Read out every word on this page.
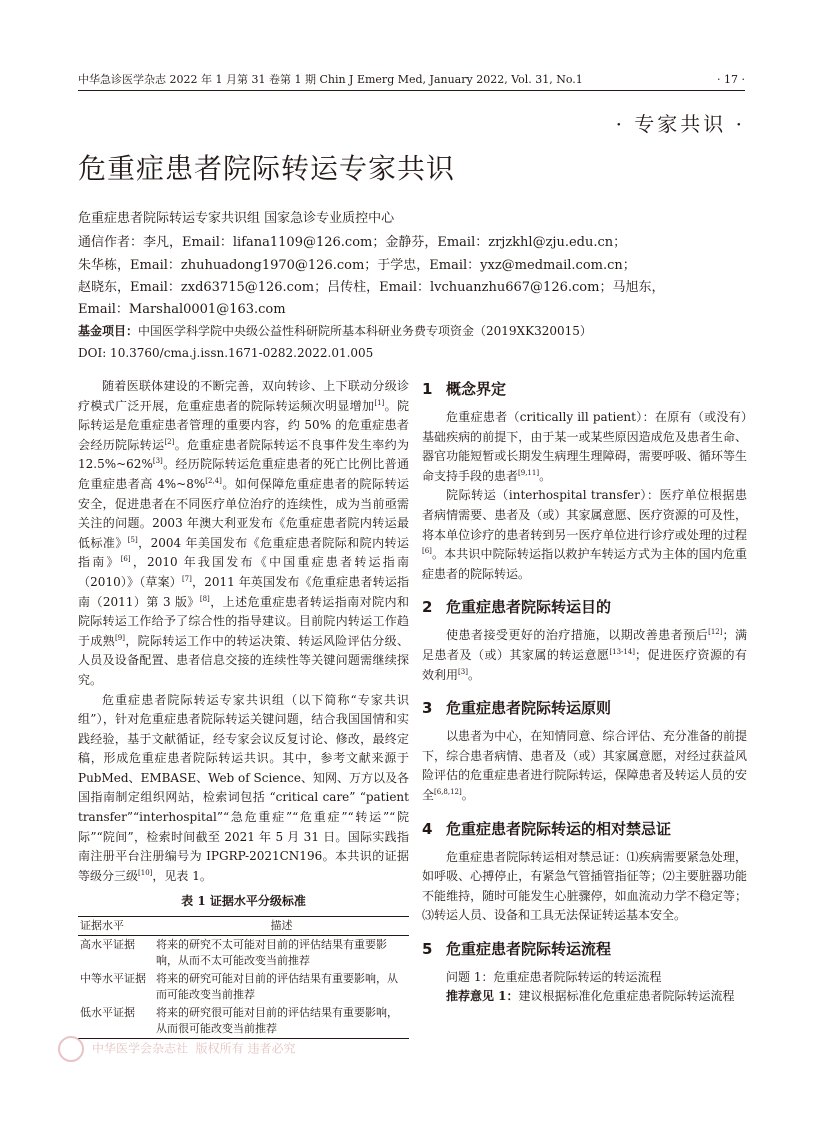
中华急诊医学杂志 2022 年 1 月第 31 卷第 1 期 Chin J Emerg Med, January 2022, Vol. 31, No.1	· 17 ·
· 专家共识 ·
危重症患者院际转运专家共识
危重症患者院际转运专家共识组 国家急诊专业质控中心
通信作者：李凡，Email：lifana1109@126.com；金静芬，Email：zrjzkhl@zju.edu.cn；
朱华栋，Email：zhuhuadong1970@126.com；于学忠，Email：yxz@medmail.com.cn；
赵晓东，Email：zxd63715@126.com；吕传柱，Email：lvchuanzhu667@126.com；马旭东，
Email：Marshal0001@163.com
基金项目：中国医学科学院中央级公益性科研院所基本科研业务费专项资金（2019XK320015）
DOI: 10.3760/cma.j.issn.1671-0282.2022.01.005

随着医联体建设的不断完善，双向转诊、上下联动分级诊疗模式广泛开展，危重症患者的院际转运频次明显增加[1]。院际转运是危重症患者管理的重要内容，约 50% 的危重症患者会经历院际转运[2]。危重症患者院际转运不良事件发生率约为 12.5%~62%[3]。经历院际转运危重症患者的死亡比例比普通危重症患者高 4%~8%[2,4]。如何保障危重症患者的院际转运安全，促进患者在不同医疗单位治疗的连续性，成为当前亟需关注的问题。2003 年澳大利亚发布《危重症患者院内转运最低标准》[5]，2004 年美国发布《危重症患者院际和院内转运指南》[6]，2010 年我国发布《中国重症患者转运指南（2010）》（草案）[7]，2011 年英国发布《危重症患者转运指南（2011）第 3 版》[8]，上述危重症患者转运指南对院内和院际转运工作给予了综合性的指导建议。目前院内转运工作趋于成熟[9]，院际转运工作中的转运决策、转运风险评估分级、人员及设备配置、患者信息交接的连续性等关键问题需继续探究。

危重症患者院际转运专家共识组（以下简称“专家共识组”），针对危重症患者院际转运关键问题，结合我国国情和实践经验，基于文献循证，经专家会议反复讨论、修改，最终定稿，形成危重症患者院际转运共识。其中，参考文献来源于 PubMed、EMBASE、Web of Science、知网、万方以及各国指南制定组织网站，检索词包括 “critical care” “patient transfer”“interhospital”“急危重症”“危重症”“转运”“院际”“院间”，检索时间截至 2021 年 5 月 31 日。国际实践指南注册平台注册编号为 IPGRP-2021CN196。本共识的证据等级分三级[10]，见表 1。

表 1 证据水平分级标准
证据水平	描述
高水平证据	将来的研究不太可能对目前的评估结果有重要影响，从而不太可能改变当前推荐
中等水平证据	将来的研究可能对目前的评估结果有重要影响，从而可能改变当前推荐
低水平证据	将来的研究很可能对目前的评估结果有重要影响，从而很可能改变当前推荐
1 概念界定

危重症患者（critically ill patient）：在原有（或没有）基础疾病的前提下，由于某一或某些原因造成危及患者生命、器官功能短暂或长期发生病理生理障碍，需要呼吸、循环等生命支持手段的患者[9,11]。

院际转运（interhospital transfer）：医疗单位根据患者病情需要、患者及（或）其家属意愿、医疗资源的可及性，将本单位诊疗的患者转到另一医疗单位进行诊疗或处理的过程[6]。本共识中院际转运指以救护车转运方式为主体的国内危重症患者的院际转运。

2 危重症患者院际转运目的

使患者接受更好的治疗措施，以期改善患者预后[12]；满足患者及（或）其家属的转运意愿[13-14]；促进医疗资源的有效利用[3]。

3 危重症患者院际转运原则

以患者为中心，在知情同意、综合评估、充分准备的前提下，综合患者病情、患者及（或）其家属意愿，对经过获益风险评估的危重症患者进行院际转运，保障患者及转运人员的安全[6,8,12]。

4 危重症患者院际转运的相对禁忌证

危重症患者院际转运相对禁忌证：⑴疾病需要紧急处理，如呼吸、心搏停止，有紧急气管插管指征等；⑵主要脏器功能不能维持，随时可能发生心脏骤停，如血流动力学不稳定等；⑶转运人员、设备和工具无法保证转运基本安全。

5 危重症患者院际转运流程

问题 1：危重症患者院际转运的转运流程

推荐意见 1：建议根据标准化危重症患者院际转运流程

中华医学会杂志社 版权所有 违者必究
